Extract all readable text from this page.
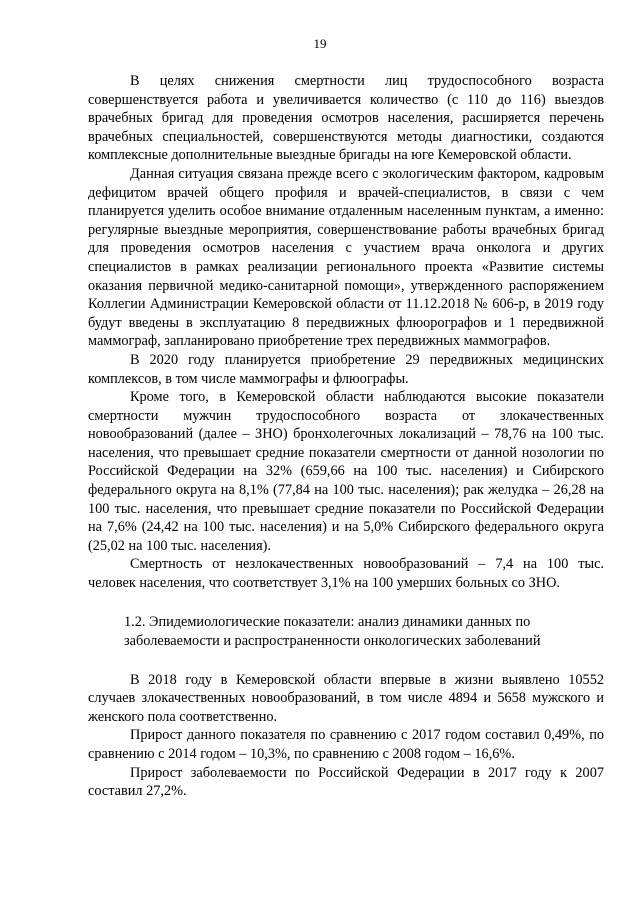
19

В целях снижения смертности лиц трудоспособного возраста совершенствуется работа и увеличивается количество (с 110 до 116) выездов врачебных бригад для проведения осмотров населения, расширяется перечень врачебных специальностей, совершенствуются методы диагностики, создаются комплексные дополнительные выездные бригады на юге Кемеровской области.

Данная ситуация связана прежде всего с экологическим фактором, кадровым дефицитом врачей общего профиля и врачей-специалистов, в связи с чем планируется уделить особое внимание отдаленным населенным пунктам, а именно: регулярные выездные мероприятия, совершенствование работы врачебных бригад для проведения осмотров населения с участием врача онколога и других специалистов в рамках реализации регионального проекта «Развитие системы оказания первичной медико-санитарной помощи», утвержденного распоряжением Коллегии Администрации Кемеровской области от 11.12.2018 № 606-р, в 2019 году будут введены в эксплуатацию 8 передвижных флюорографов и 1 передвижной маммограф, запланировано приобретение трех передвижных маммографов.

В 2020 году планируется приобретение 29 передвижных медицинских комплексов, в том числе маммографы и флюографы.

Кроме того, в Кемеровской области наблюдаются высокие показатели смертности мужчин трудоспособного возраста от злокачественных новообразований (далее – ЗНО) бронхолегочных локализаций – 78,76 на 100 тыс. населения, что превышает средние показатели смертности от данной нозологии по Российской Федерации на 32% (659,66 на 100 тыс. населения) и Сибирского федерального округа на 8,1% (77,84 на 100 тыс. населения); рак желудка – 26,28 на 100 тыс. населения, что превышает средние показатели по Российской Федерации на 7,6% (24,42 на 100 тыс. населения) и на 5,0% Сибирского федерального округа (25,02 на 100 тыс. населения).

Смертность от незлокачественных новообразований – 7,4 на 100 тыс. человек населения, что соответствует 3,1% на 100 умерших больных со ЗНО.

1.2. Эпидемиологические показатели: анализ динамики данных по
заболеваемости и распространенности онкологических заболеваний

В 2018 году в Кемеровской области впервые в жизни выявлено 10552 случаев злокачественных новообразований, в том числе 4894 и 5658 мужского и женского пола соответственно.

Прирост данного показателя по сравнению с 2017 годом составил 0,49%, по сравнению с 2014 годом – 10,3%, по сравнению с 2008 годом – 16,6%.

Прирост заболеваемости по Российской Федерации в 2017 году к 2007 составил 27,2%.
